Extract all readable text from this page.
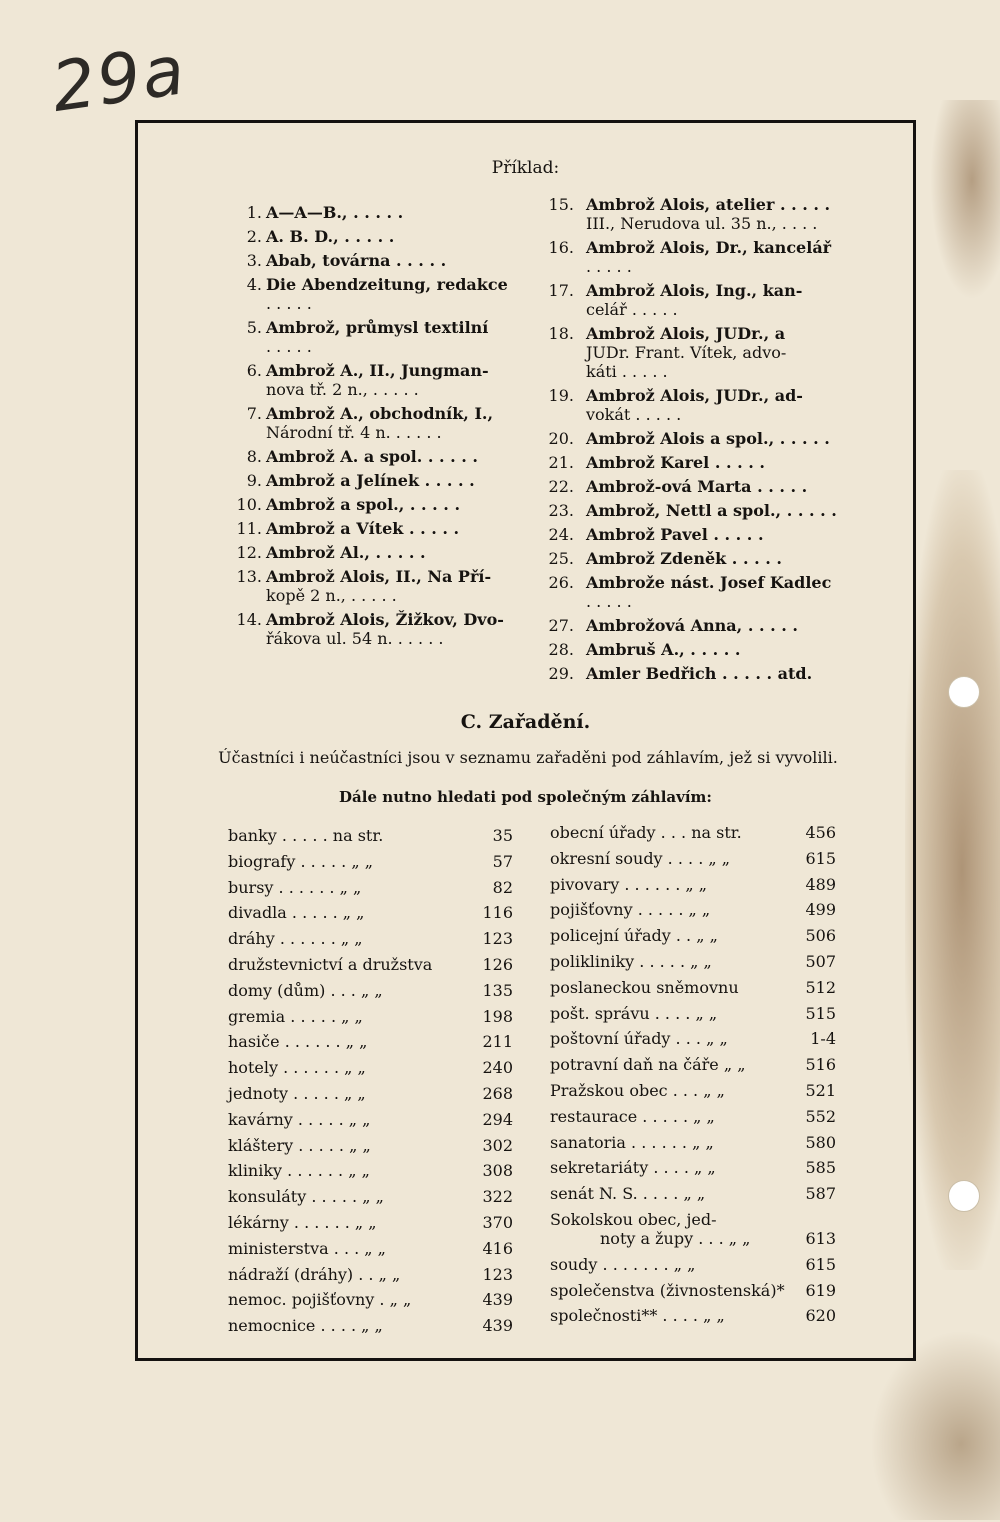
29a
Příklad:
1. A—A—B., . . . . .
2. A. B. D., . . . . .
3. Abab, továrna . . . . .
4. Die Abendzeitung, redakce
. . . . .
5. Ambrož, průmysl textilní
. . . . .
6. Ambrož A., II., Jungman-
nova tř. 2 n., . . . . .
7. Ambrož A., obchodník, I.,
Národní tř. 4 n. . . . . .
8. Ambrož A. a spol. . . . . .
9. Ambrož a Jelínek . . . . .
10. Ambrož a spol., . . . . .
11. Ambrož a Vítek . . . . .
12. Ambrož Al., . . . . .
13. Ambrož Alois, II., Na Pří-
kopě 2 n., . . . . .
14. Ambrož Alois, Žižkov, Dvo-
řákova ul. 54 n. . . . . .
15. Ambrož Alois, atelier . . . . .
III., Nerudova ul. 35 n., . . . .
16. Ambrož Alois, Dr., kancelář
. . . . .
17. Ambrož Alois, Ing., kan-
celář . . . . .
18. Ambrož Alois, JUDr., a
JUDr. Frant. Vítek, advo-
káti . . . . .
19. Ambrož Alois, JUDr., ad-
vokát . . . . .
20. Ambrož Alois a spol., . . . . .
21. Ambrož Karel . . . . .
22. Ambrož-ová Marta . . . . .
23. Ambrož, Nettl a spol., . . . . .
24. Ambrož Pavel . . . . .
25. Ambrož Zdeněk . . . . .
26. Ambrože nást. Josef Kadlec
. . . . .
27. Ambrožová Anna, . . . . .
28. Ambruš A., . . . . .
29. Amler Bedřich . . . . . atd.
C. Zařadění.
Účastníci i neúčastníci jsou v seznamu zařaděni pod záhlavím, jež si vyvolili.
Dále nutno hledati pod společným záhlavím:
banky . . . . . na str.	35
biografy . . . . . „ „	57
bursy . . . . . . „ „	82
divadla . . . . . „ „	116
dráhy . . . . . . „ „	123
družstevnictví a družstva	126
domy (dům) . . . „ „	135
gremia . . . . . „ „	198
hasiče . . . . . . „ „	211
hotely . . . . . . „ „	240
jednoty . . . . . „ „	268
kavárny . . . . . „ „	294
kláštery . . . . . „ „	302
kliniky . . . . . . „ „	308
konsuláty . . . . . „ „	322
lékárny . . . . . . „ „	370
ministerstva . . . „ „	416
nádraží (dráhy) . . „ „	123
nemoc. pojišťovny . „ „	439
nemocnice . . . . „ „	439
obecní úřady . . . na str.	456
okresní soudy . . . . „ „	615
pivovary . . . . . . „ „	489
pojišťovny . . . . . „ „	499
policejní úřady . . „ „	506
polikliniky . . . . . „ „	507
poslaneckou sněmovnu	512
pošt. správu . . . . „ „	515
poštovní úřady . . . „ „	1-4
potravní daň na čáře „ „	516
Pražskou obec . . . „ „	521
restaurace . . . . . „ „	552
sanatoria . . . . . . „ „	580
sekretariáty . . . . „ „	585
senát N. S. . . . . „ „	587
Sokolskou obec, jed-
noty a župy . . . „ „	613
soudy . . . . . . . „ „	615
společenstva (živnostenská)*	619
společnosti** . . . . „ „	620
